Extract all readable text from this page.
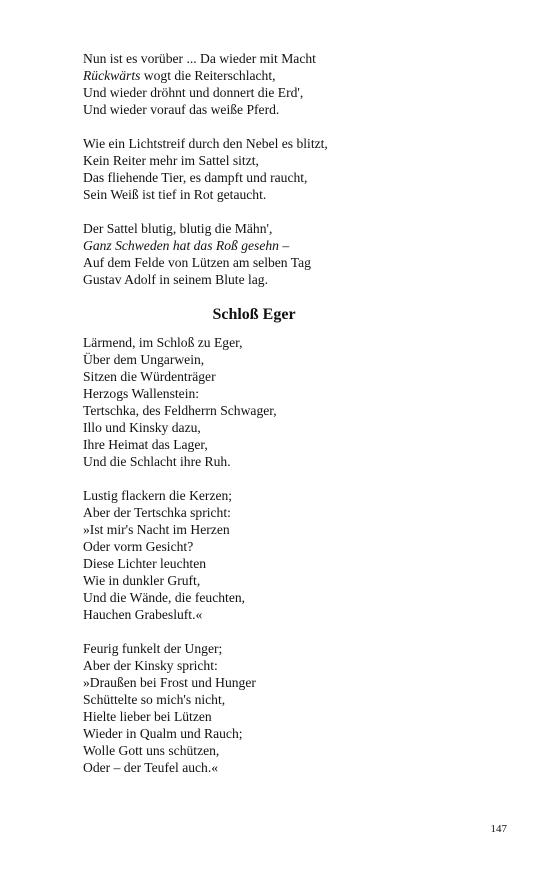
Nun ist es vorüber ... Da wieder mit Macht
Rückwärts wogt die Reiterschlacht,
Und wieder dröhnt und donnert die Erd',
Und wieder vorauf das weiße Pferd.
Wie ein Lichtstreif durch den Nebel es blitzt,
Kein Reiter mehr im Sattel sitzt,
Das fliehende Tier, es dampft und raucht,
Sein Weiß ist tief in Rot getaucht.
Der Sattel blutig, blutig die Mähn',
Ganz Schweden hat das Roß gesehn –
Auf dem Felde von Lützen am selben Tag
Gustav Adolf in seinem Blute lag.
Schloß Eger
Lärmend, im Schloß zu Eger,
Über dem Ungarwein,
Sitzen die Würdenträger
Herzogs Wallenstein:
Tertschka, des Feldherrn Schwager,
Illo und Kinsky dazu,
Ihre Heimat das Lager,
Und die Schlacht ihre Ruh.
Lustig flackern die Kerzen;
Aber der Tertschka spricht:
»Ist mir's Nacht im Herzen
Oder vorm Gesicht?
Diese Lichter leuchten
Wie in dunkler Gruft,
Und die Wände, die feuchten,
Hauchen Grabesluft.«
Feurig funkelt der Unger;
Aber der Kinsky spricht:
»Draußen bei Frost und Hunger
Schüttelte so mich's nicht,
Hielte lieber bei Lützen
Wieder in Qualm und Rauch;
Wolle Gott uns schützen,
Oder – der Teufel auch.«
147
